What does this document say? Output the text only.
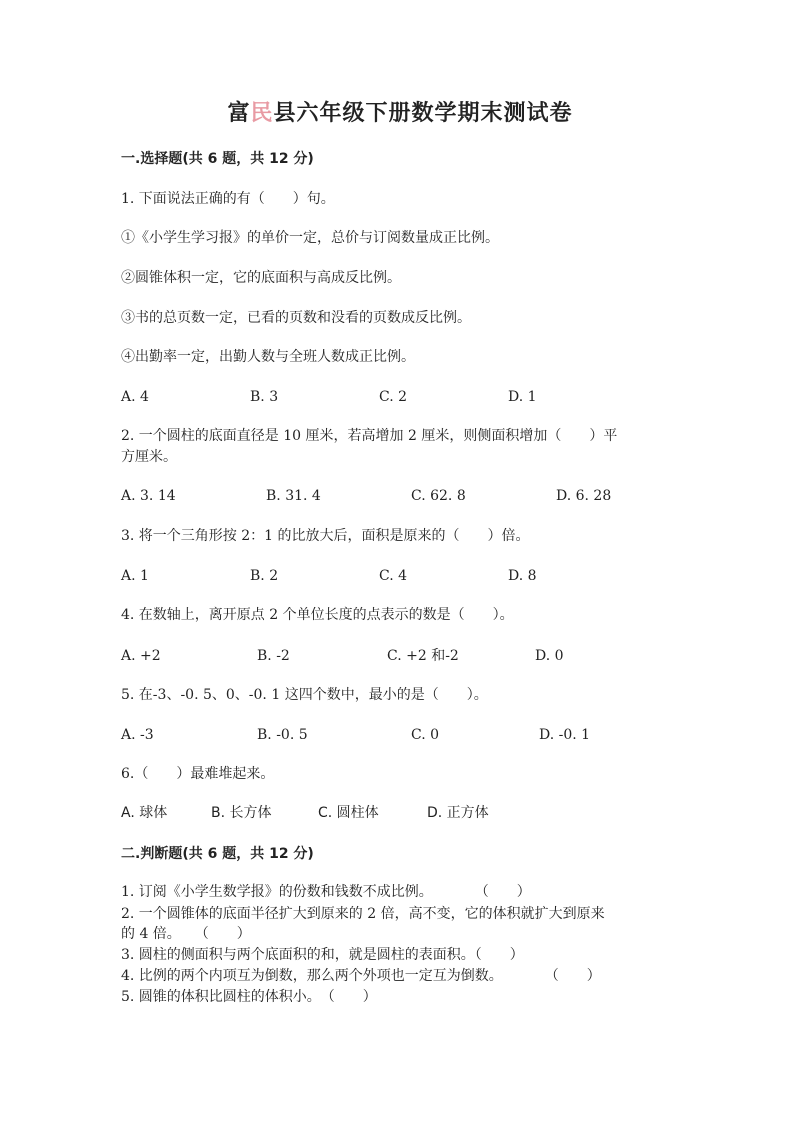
富民县六年级下册数学期末测试卷
一.选择题(共 6 题，共 12 分)
1. 下面说法正确的有（　　）句。
①《小学生学习报》的单价一定，总价与订阅数量成正比例。
②圆锥体积一定，它的底面积与高成反比例。
③书的总页数一定，已看的页数和没看的页数成反比例。
④出勤率一定，出勤人数与全班人数成正比例。
A. 4	B. 3	C. 2	D. 1
2. 一个圆柱的底面直径是 10 厘米，若高增加 2 厘米，则侧面积增加（　　）平
方厘米。
A. 3. 14	B. 31. 4	C. 62. 8	D. 6. 28
3. 将一个三角形按 2：1 的比放大后，面积是原来的（　　）倍。
A. 1	B. 2	C. 4	D. 8
4. 在数轴上，离开原点 2 个单位长度的点表示的数是（　　）。
A. +2	B. -2	C. +2 和-2	D. 0
5. 在-3、-0. 5、0、-0. 1 这四个数中，最小的是（　　）。
A. -3	B. -0. 5	C. 0	D. -0. 1
6.（　　）最难堆起来。
A. 球体	B. 长方体	C. 圆柱体	D. 正方体
二.判断题(共 6 题，共 12 分)
1. 订阅《小学生数学报》的份数和钱数不成比例。　　　　（　　）
2. 一个圆锥体的底面半径扩大到原来的 2 倍，高不变，它的体积就扩大到原来
的 4 倍。　　（　　）
3. 圆柱的侧面积与两个底面积的和，就是圆柱的表面积。（　　）
4. 比例的两个内项互为倒数，那么两个外项也一定互为倒数。　　　　（　　）
5. 圆锥的体积比圆柱的体积小。　（　　）
